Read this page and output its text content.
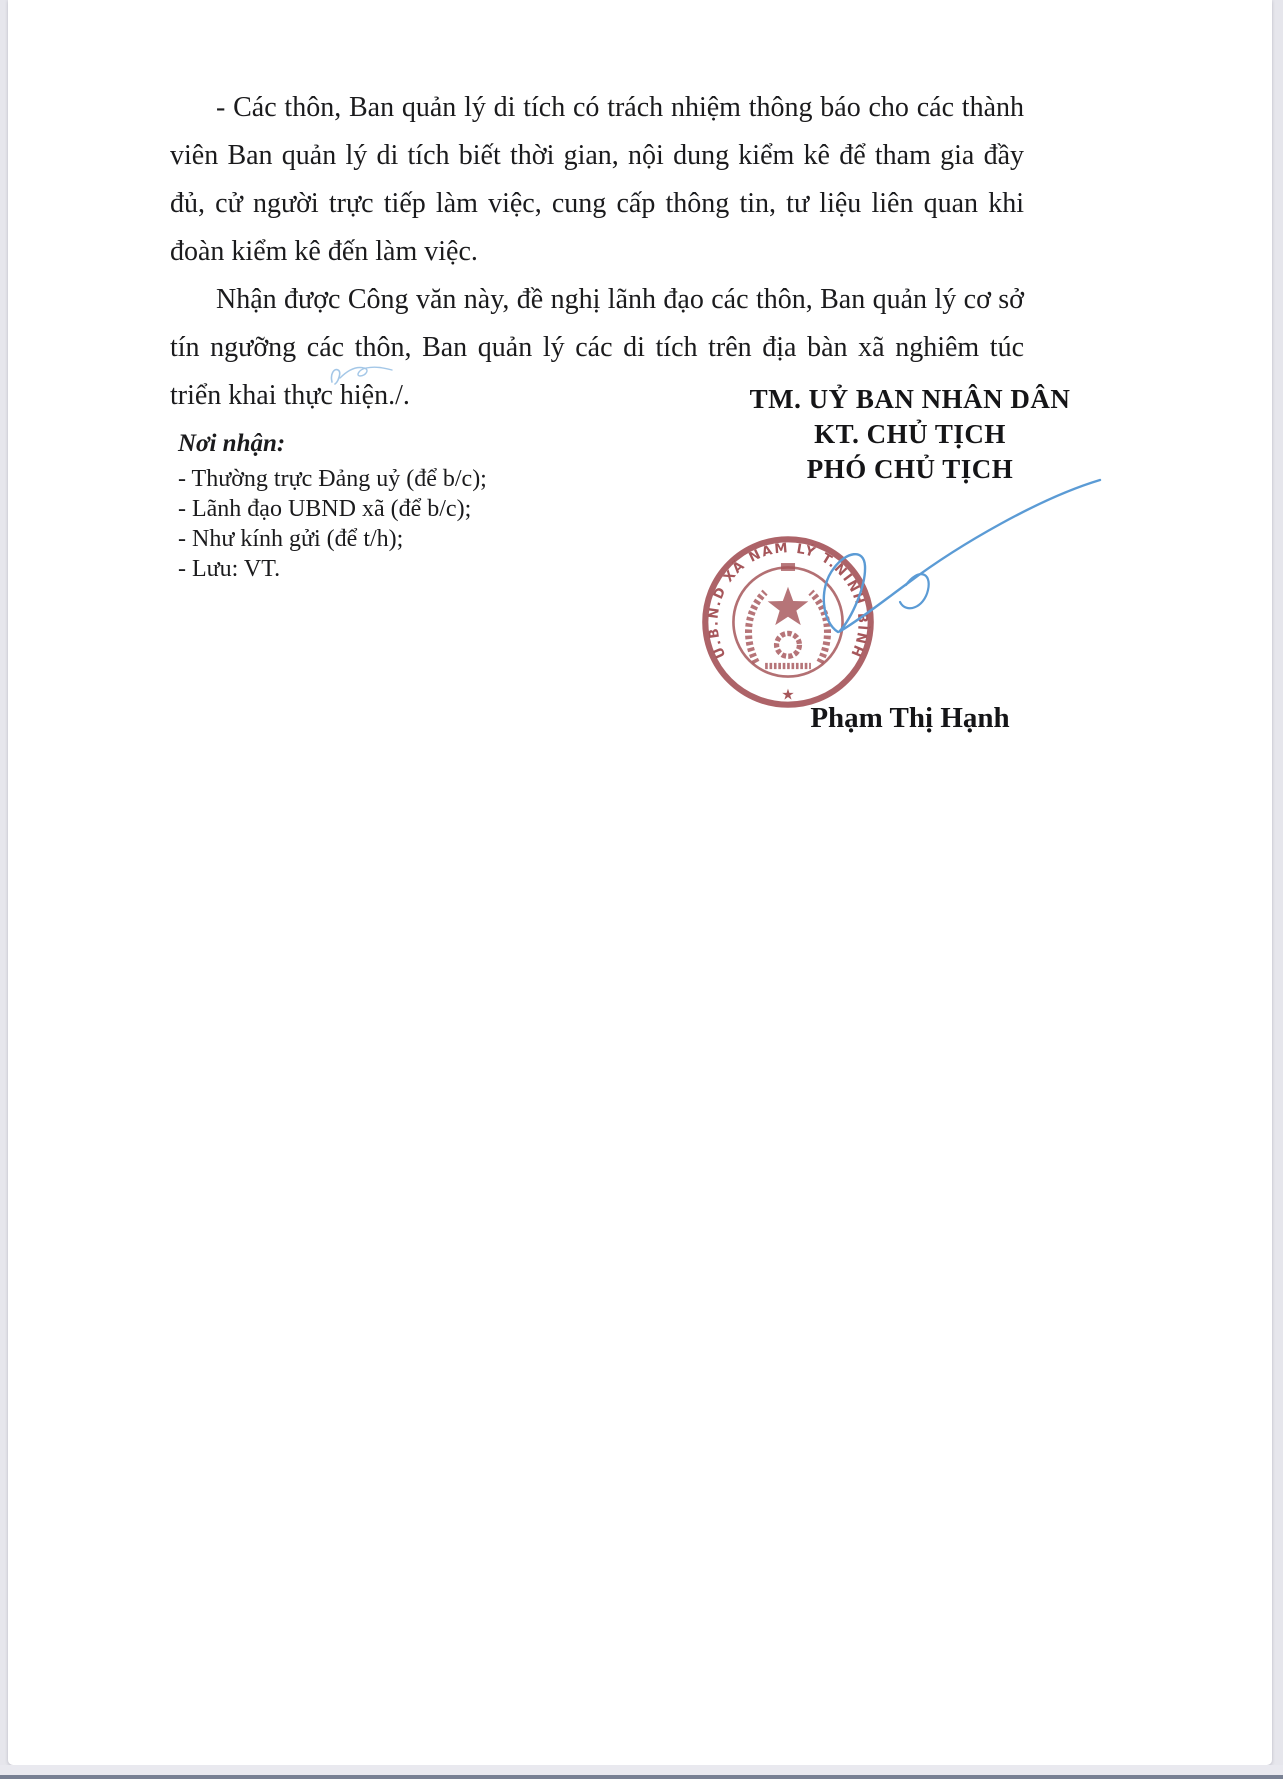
- Các thôn, Ban quản lý di tích có trách nhiệm thông báo cho các thành viên Ban quản lý di tích biết thời gian, nội dung kiểm kê để tham gia đầy đủ, cử người trực tiếp làm việc, cung cấp thông tin, tư liệu liên quan khi đoàn kiểm kê đến làm việc.

Nhận được Công văn này, đề nghị lãnh đạo các thôn, Ban quản lý cơ sở tín ngưỡng các thôn, Ban quản lý các di tích trên địa bàn xã nghiêm túc triển khai thực hiện./.

Nơi nhận:
- Thường trực Đảng uỷ (để b/c);
- Lãnh đạo UBND xã (để b/c);
- Như kính gửi (để t/h);
- Lưu: VT.
TM. UỶ BAN NHÂN DÂN
KT. CHỦ TỊCH
PHÓ CHỦ TỊCH
U.B.N.D XÃ NAM LÝ T.NINH BÌNH
★
Phạm Thị Hạnh
